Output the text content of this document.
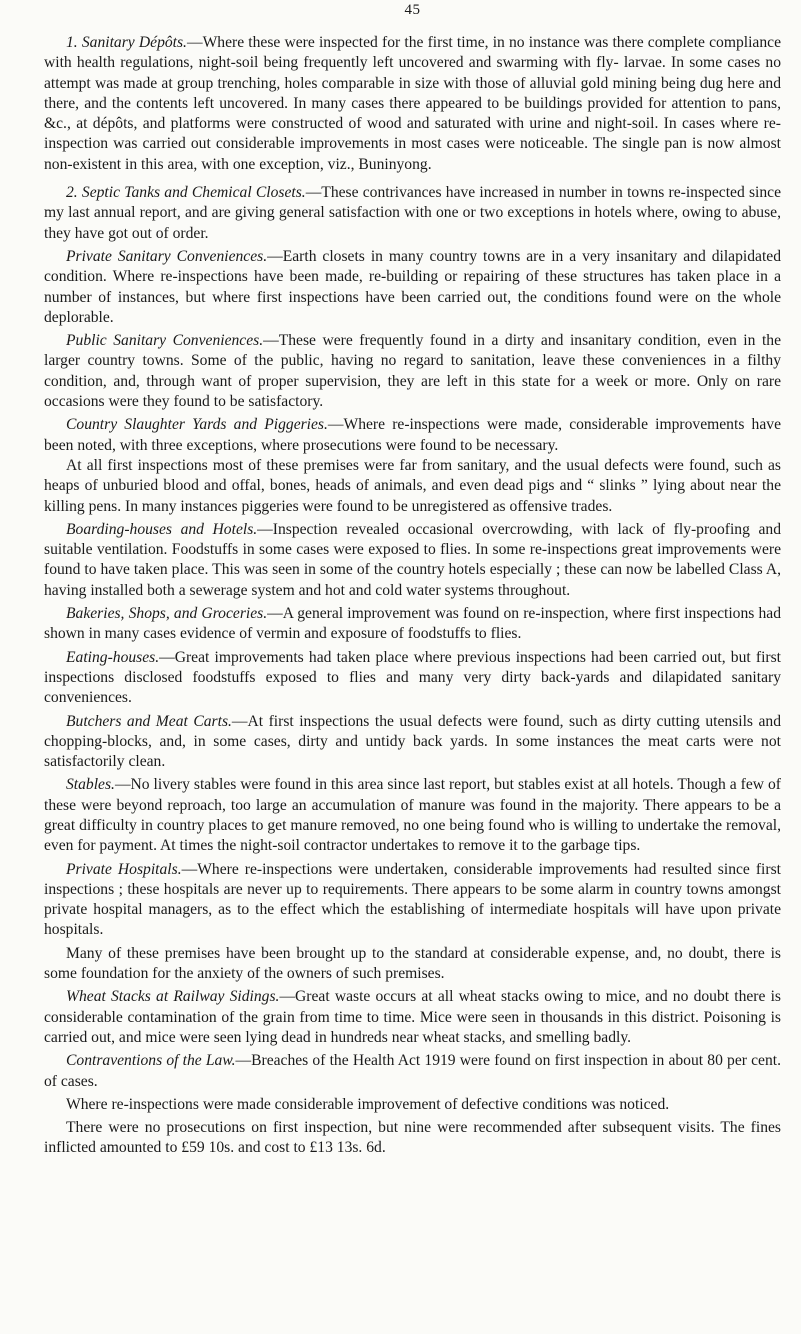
45

1. Sanitary Dépôts.—Where these were inspected for the first time, in no instance was there complete compliance with health regulations, night-soil being frequently left uncovered and swarming with fly- larvae. In some cases no attempt was made at group trenching, holes comparable in size with those of alluvial gold mining being dug here and there, and the contents left uncovered. In many cases there appeared to be buildings provided for attention to pans, &c., at dépôts, and platforms were constructed of wood and saturated with urine and night-soil. In cases where re-inspection was carried out considerable improvements in most cases were noticeable. The single pan is now almost non-existent in this area, with one exception, viz., Buninyong.

2. Septic Tanks and Chemical Closets.—These contrivances have increased in number in towns re-inspected since my last annual report, and are giving general satisfaction with one or two exceptions in hotels where, owing to abuse, they have got out of order.

Private Sanitary Conveniences.—Earth closets in many country towns are in a very insanitary and dilapidated condition. Where re-inspections have been made, re-building or repairing of these structures has taken place in a number of instances, but where first inspections have been carried out, the conditions found were on the whole deplorable.

Public Sanitary Conveniences.—These were frequently found in a dirty and insanitary condition, even in the larger country towns. Some of the public, having no regard to sanitation, leave these conveniences in a filthy condition, and, through want of proper supervision, they are left in this state for a week or more. Only on rare occasions were they found to be satisfactory.

Country Slaughter Yards and Piggeries.—Where re-inspections were made, considerable improvements have been noted, with three exceptions, where prosecutions were found to be necessary.

At all first inspections most of these premises were far from sanitary, and the usual defects were found, such as heaps of unburied blood and offal, bones, heads of animals, and even dead pigs and “ slinks ” lying about near the killing pens. In many instances piggeries were found to be unregistered as offensive trades.

Boarding-houses and Hotels.—Inspection revealed occasional overcrowding, with lack of fly-proofing and suitable ventilation. Foodstuffs in some cases were exposed to flies. In some re-inspections great improvements were found to have taken place. This was seen in some of the country hotels especially ; these can now be labelled Class A, having installed both a sewerage system and hot and cold water systems throughout.

Bakeries, Shops, and Groceries.—A general improvement was found on re-inspection, where first inspections had shown in many cases evidence of vermin and exposure of foodstuffs to flies.

Eating-houses.—Great improvements had taken place where previous inspections had been carried out, but first inspections disclosed foodstuffs exposed to flies and many very dirty back-yards and dilapidated sanitary conveniences.

Butchers and Meat Carts.—At first inspections the usual defects were found, such as dirty cutting utensils and chopping-blocks, and, in some cases, dirty and untidy back yards. In some instances the meat carts were not satisfactorily clean.

Stables.—No livery stables were found in this area since last report, but stables exist at all hotels. Though a few of these were beyond reproach, too large an accumulation of manure was found in the majority. There appears to be a great difficulty in country places to get manure removed, no one being found who is willing to undertake the removal, even for payment. At times the night-soil contractor undertakes to remove it to the garbage tips.

Private Hospitals.—Where re-inspections were undertaken, considerable improvements had resulted since first inspections ; these hospitals are never up to requirements. There appears to be some alarm in country towns amongst private hospital managers, as to the effect which the establishing of intermediate hospitals will have upon private hospitals.

Many of these premises have been brought up to the standard at considerable expense, and, no doubt, there is some foundation for the anxiety of the owners of such premises.

Wheat Stacks at Railway Sidings.—Great waste occurs at all wheat stacks owing to mice, and no doubt there is considerable contamination of the grain from time to time. Mice were seen in thousands in this district. Poisoning is carried out, and mice were seen lying dead in hundreds near wheat stacks, and smelling badly.

Contraventions of the Law.—Breaches of the Health Act 1919 were found on first inspection in about 80 per cent. of cases.

Where re-inspections were made considerable improvement of defective conditions was noticed.

There were no prosecutions on first inspection, but nine were recommended after subsequent visits. The fines inflicted amounted to £59 10s. and cost to £13 13s. 6d.
